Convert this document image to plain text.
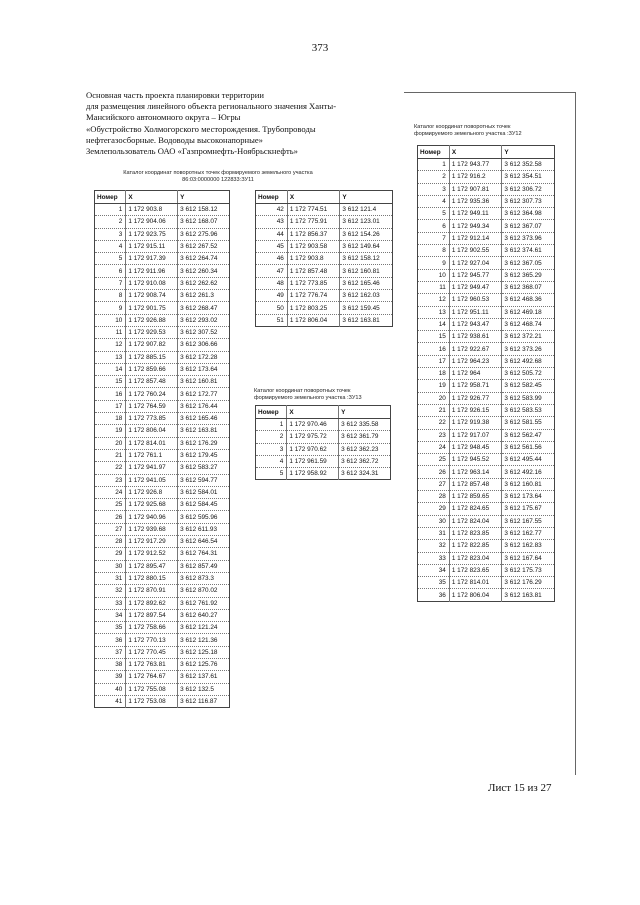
373
Основная часть проекта планировки территории
для размещения линейного объекта регионального значения Ханты-
Мансийского автономного округа – Югры
«Обустройство Холмогорского месторождения. Трубопроводы
нефтегазосборные. Водоводы высоконапорные»
Землепользователь ОАО «Газпромнефть-Ноябрьскнефть»
Каталог координат поворотных точек формируемого земельного участка
86:03:0000000 122833:ЗУ11
Номер	X	Y
1	1 172 903.8	3 612 158.12
2	1 172 904.06	3 612 168.07
3	1 172 923.75	3 612 275.96
4	1 172 915.11	3 612 267.52
5	1 172 917.39	3 612 264.74
6	1 172 911.96	3 612 260.34
7	1 172 910.08	3 612 262.62
8	1 172 908.74	3 612 261.3
9	1 172 901.75	3 612 268.47
10	1 172 926.88	3 612 293.02
11	1 172 929.53	3 612 307.52
12	1 172 907.82	3 612 306.66
13	1 172 885.15	3 612 172.28
14	1 172 859.66	3 612 173.64
15	1 172 857.48	3 612 160.81
16	1 172 760.24	3 612 172.77
17	1 172 764.59	3 612 176.44
18	1 172 773.85	3 612 165.46
19	1 172 806.04	3 612 163.81
20	1 172 814.01	3 612 176.29
21	1 172 761.1	3 612 179.45
22	1 172 941.97	3 612 583.27
23	1 172 941.05	3 612 594.77
24	1 172 926.8	3 612 584.01
25	1 172 925.68	3 612 584.45
26	1 172 940.96	3 612 595.96
27	1 172 939.68	3 612 611.93
28	1 172 917.29	3 612 646.54
29	1 172 912.52	3 612 764.31
30	1 172 895.47	3 612 857.49
31	1 172 880.15	3 612 873.3
32	1 172 870.91	3 612 870.02
33	1 172 892.62	3 612 761.92
34	1 172 897.54	3 612 640.27
35	1 172 758.66	3 612 121.24
36	1 172 770.13	3 612 121.36
37	1 172 770.45	3 612 125.18
38	1 172 763.81	3 612 125.76
39	1 172 764.67	3 612 137.61
40	1 172 755.08	3 612 132.5
41	1 172 753.08	3 612 116.87
Номер	X	Y
42	1 172 774.51	3 612 121.4
43	1 172 775.91	3 612 123.01
44	1 172 856.37	3 612 154.26
45	1 172 903.58	3 612 149.64
46	1 172 903.8	3 612 158.12
47	1 172 857.48	3 612 160.81
48	1 172 773.85	3 612 165.46
49	1 172 776.74	3 612 162.03
50	1 172 803.25	3 612 159.45
51	1 172 806.04	3 612 163.81
Каталог координат поворотных точек
формируемого земельного участка :ЗУ13
Номер	X	Y
1	1 172 970.46	3 612 335.58
2	1 172 975.72	3 612 361.79
3	1 172 970.62	3 612 362.23
4	1 172 961.59	3 612 362.72
5	1 172 958.92	3 612 324.31
Каталог координат поворотных точек
формируемого земельного участка :ЗУ12
Номер	X	Y
1	1 172 943.77	3 612 352.58
2	1 172 916.2	3 612 354.51
3	1 172 907.81	3 612 306.72
4	1 172 935.36	3 612 307.73
5	1 172 949.11	3 612 364.98
6	1 172 949.34	3 612 367.07
7	1 172 912.14	3 612 373.96
8	1 172 902.55	3 612 374.61
9	1 172 927.04	3 612 367.05
10	1 172 945.77	3 612 365.29
11	1 172 949.47	3 612 368.07
12	1 172 960.53	3 612 468.36
13	1 172 951.11	3 612 469.18
14	1 172 943.47	3 612 468.74
15	1 172 938.61	3 612 372.21
16	1 172 922.67	3 612 373.26
17	1 172 964.23	3 612 492.68
18	1 172 964	3 612 505.72
19	1 172 958.71	3 612 582.45
20	1 172 926.77	3 612 583.99
21	1 172 926.15	3 612 583.53
22	1 172 919.38	3 612 581.55
23	1 172 917.07	3 612 562.47
24	1 172 948.45	3 612 561.56
25	1 172 945.52	3 612 495.44
26	1 172 963.14	3 612 492.16
27	1 172 857.48	3 612 160.81
28	1 172 859.65	3 612 173.64
29	1 172 824.65	3 612 175.67
30	1 172 824.04	3 612 167.55
31	1 172 823.85	3 612 162.77
32	1 172 822.85	3 612 162.83
33	1 172 823.04	3 612 167.64
34	1 172 823.65	3 612 175.73
35	1 172 814.01	3 612 176.29
36	1 172 806.04	3 612 163.81
Лист 15 из 27
